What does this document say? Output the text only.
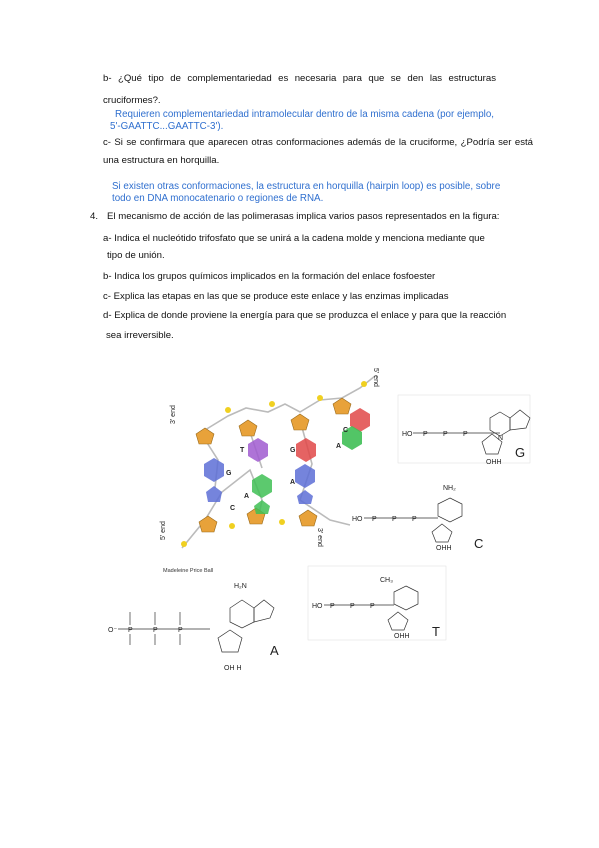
b- ¿Qué tipo de complementariedad es necesaria para que se den las estructuras
cruciformes?.
Requieren complementariedad intramolecular dentro de la misma cadena (por ejemplo,
5'-GAATTC...GAATTC-3').
c- Si se confirmara que aparecen otras conformaciones además de la cruciforme, ¿Podría ser está
una estructura en horquilla.
Si existen otras conformaciones, la estructura en horquilla (hairpin loop) es posible, sobre
todo en DNA monocatenario o regiones de RNA.
4. El mecanismo de acción de las polimerasas implica varios pasos representados en la figura:
a- Indica el nucleótido trifosfato que se unirá a la cadena molde y menciona mediante que
tipo de unión.
b- Indica los grupos químicos implicados en la formación del enlace fosfoester
c- Explica las etapas en las que se produce este enlace y las enzimas implicadas
d- Explica de donde proviene la energía para que se produzca el enlace y para que la reacción
sea irreversible.
G
C
T
A
A
G
C
A
3' end
5' end
3' end
5' end
Madeleine Price Ball
HO P P P
N
OHH
G
HO P P P
NH₂
OHH C
O⁻ P	P	P
H₂N
OH H
A
HO P P P
CH₃
OHH T
